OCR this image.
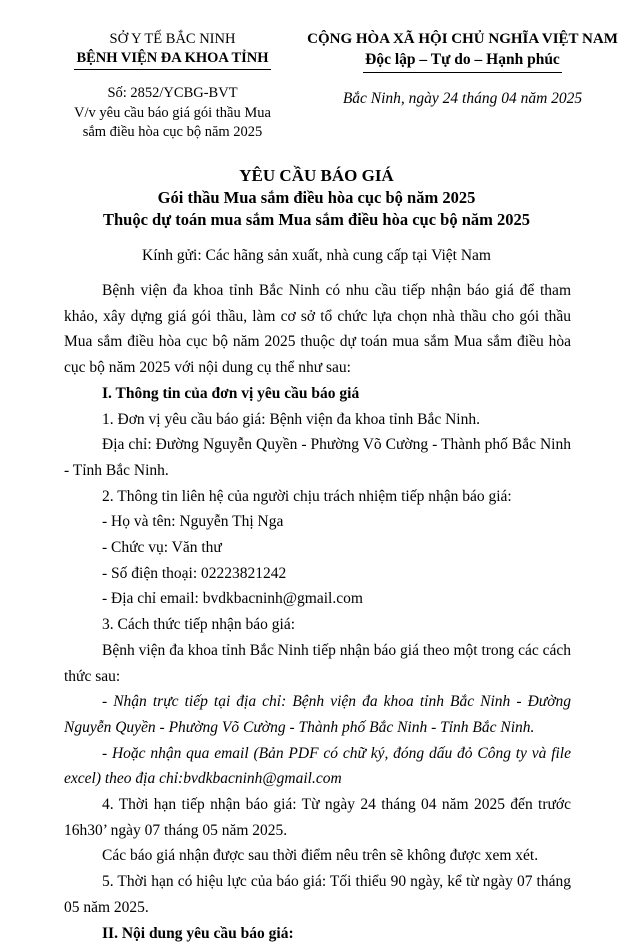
SỞ Y TẾ BẮC NINH
BỆNH VIỆN ĐA KHOA TỈNH
Số: 2852/YCBG-BVT
V/v yêu cầu báo giá gói thầu Mua sắm điều hòa cục bộ năm 2025
CỘNG HÒA XÃ HỘI CHỦ NGHĨA VIỆT NAM
Độc lập – Tự do – Hạnh phúc
Bắc Ninh, ngày 24 tháng 04 năm 2025
YÊU CẦU BÁO GIÁ
Gói thầu Mua sắm điều hòa cục bộ năm 2025
Thuộc dự toán mua sắm Mua sắm điều hòa cục bộ năm 2025
Kính gửi: Các hãng sản xuất, nhà cung cấp tại Việt Nam

Bệnh viện đa khoa tỉnh Bắc Ninh có nhu cầu tiếp nhận báo giá để tham khảo, xây dựng giá gói thầu, làm cơ sở tổ chức lựa chọn nhà thầu cho gói thầu Mua sắm điều hòa cục bộ năm 2025 thuộc dự toán mua sắm Mua sắm điều hòa cục bộ năm 2025 với nội dung cụ thể như sau:

I. Thông tin của đơn vị yêu cầu báo giá

1. Đơn vị yêu cầu báo giá: Bệnh viện đa khoa tỉnh Bắc Ninh.

Địa chỉ: Đường Nguyễn Quyền - Phường Võ Cường - Thành phố Bắc Ninh - Tỉnh Bắc Ninh.

2. Thông tin liên hệ của người chịu trách nhiệm tiếp nhận báo giá:

- Họ và tên: Nguyễn Thị Nga

- Chức vụ: Văn thư

- Số điện thoại: 02223821242

- Địa chỉ email: bvdkbacninh@gmail.com

3. Cách thức tiếp nhận báo giá:

Bệnh viện đa khoa tỉnh Bắc Ninh tiếp nhận báo giá theo một trong các cách thức sau:

- Nhận trực tiếp tại địa chỉ: Bệnh viện đa khoa tỉnh Bắc Ninh - Đường Nguyễn Quyền - Phường Võ Cường - Thành phố Bắc Ninh - Tỉnh Bắc Ninh.

- Hoặc nhận qua email (Bản PDF có chữ ký, đóng dấu đỏ Công ty và file excel) theo địa chỉ:bvdkbacninh@gmail.com

4. Thời hạn tiếp nhận báo giá: Từ ngày 24 tháng 04 năm 2025 đến trước 16h30’ ngày 07 tháng 05 năm 2025.

Các báo giá nhận được sau thời điểm nêu trên sẽ không được xem xét.

5. Thời hạn có hiệu lực của báo giá: Tối thiểu 90 ngày, kể từ ngày 07 tháng 05 năm 2025.

II. Nội dung yêu cầu báo giá:
